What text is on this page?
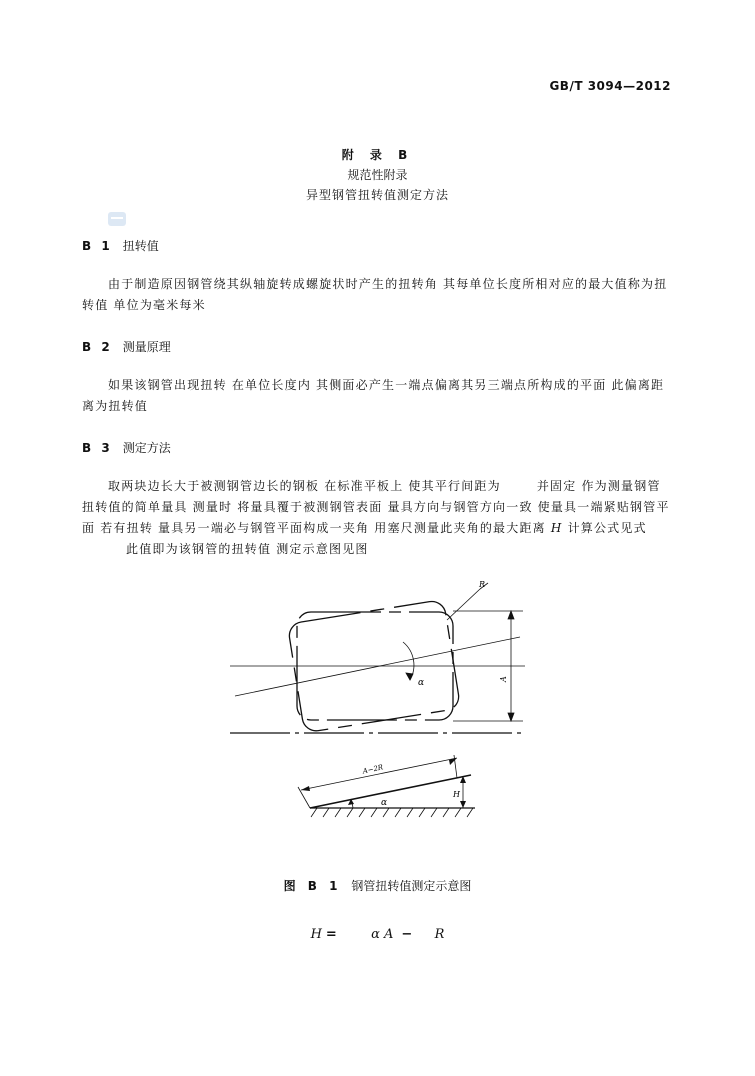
GB/T 3094—2012
附 录 B
规范性附录
异型钢管扭转值测定方法
B 1 扭转值
由于制造原因钢管绕其纵轴旋转成螺旋状时产生的扭转角 其每单位长度所相对应的最大值称为扭转值 单位为毫米每米
B 2 测量原理
如果该钢管出现扭转 在单位长度内 其侧面必产生一端点偏离其另三端点所构成的平面 此偏离距离为扭转值
B 3 测定方法
取两块边长大于被测钢管边长的钢板 在标准平板上 使其平行间距为	并固定 作为测量钢管扭转值的简单量具 测量时 将量具覆于被测钢管表面 量具方向与钢管方向一致 使量具一端紧贴钢管平面 若有扭转 量具另一端必与钢管平面构成一夹角 用塞尺测量此夹角的最大距离 H 计算公式见式此值即为该钢管的扭转值 测定示意图见图
R
A
α
A−2R
H
α
图 B 1 钢管扭转值测定示意图
H =	α A − R
